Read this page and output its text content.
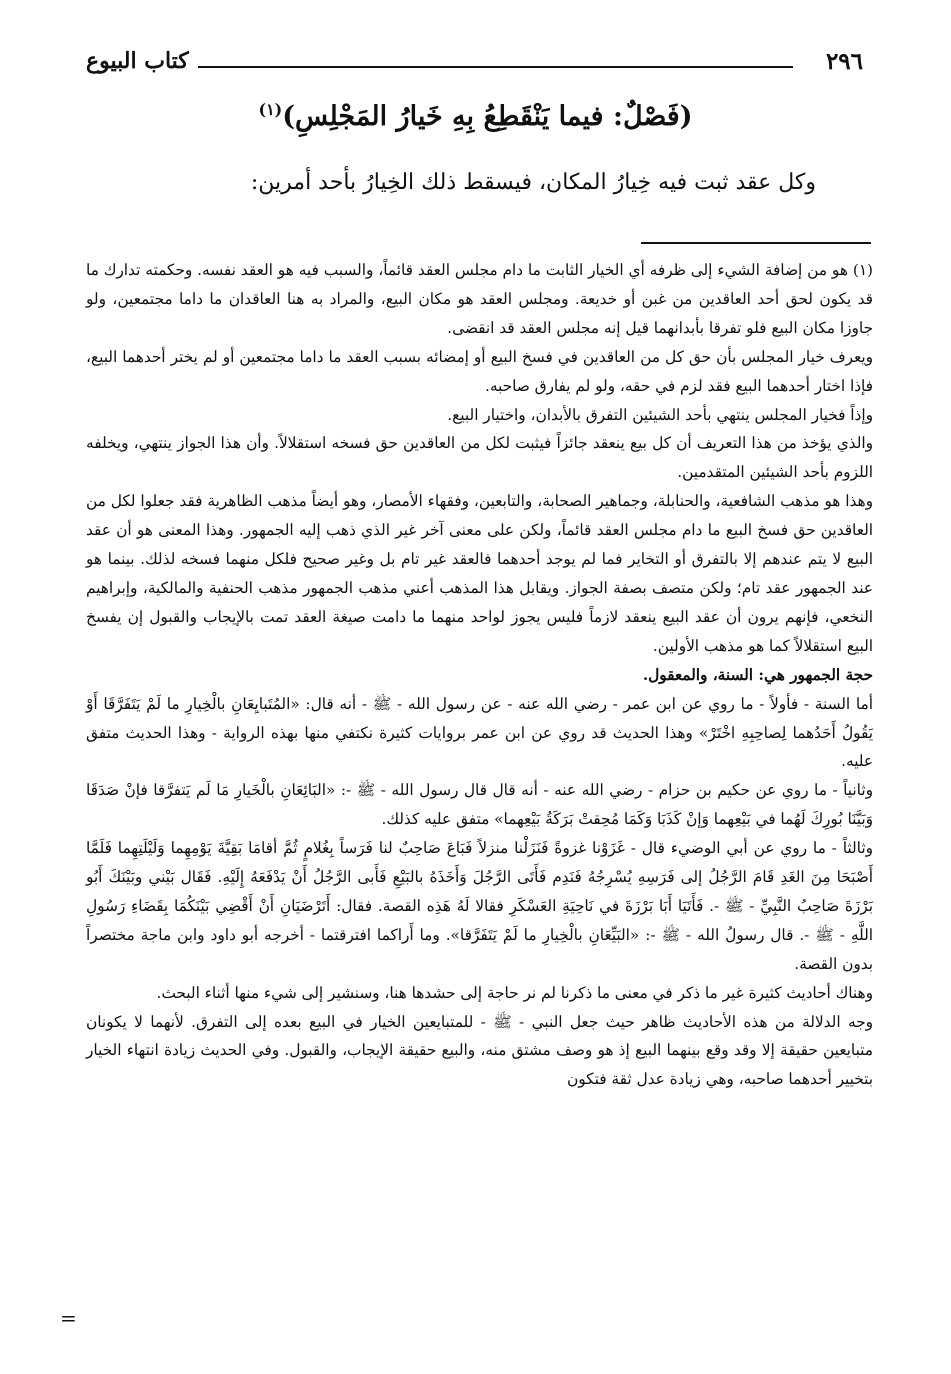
٢٩٦
كتاب البيوع
(فَصْلٌ: فيما يَنْقَطِعُ بِهِ خَيارُ المَجْلِسِ)$^{(١)}$
وكل عقد ثبت فيه خِيارُ المكان، فيسقط ذلك الخِيارُ بأحد أمرين:

(١) هو من إضافة الشيء إلى ظرفه أي الخيار الثابت ما دام مجلس العقد قائماً، والسبب فيه هو العقد نفسه. وحكمته تدارك ما قد يكون لحق أحد العاقدين من غبن أو خديعة. ومجلس العقد هو مكان البيع، والمراد به هنا العاقدان ما داما مجتمعين، ولو جاوزا مكان البيع فلو تفرقا بأبدانهما قيل إنه مجلس العقد قد انقضى.

ويعرف خيار المجلس بأن حق كل من العاقدين في فسخ البيع أو إمضائه بسبب العقد ما داما مجتمعين أو لم يختر أحدهما البيع، فإذا اختار أحدهما البيع فقد لزم في حقه، ولو لم يفارق صاحبه.

وإذاً فخيار المجلس ينتهي بأحد الشيئين التفرق بالأبدان، واختيار البيع.

والذي يؤخذ من هذا التعريف أن كل بيع ينعقد جائزاً فيثبت لكل من العاقدين حق فسخه استقلالاً. وأن هذا الجواز ينتهي، ويخلفه اللزوم بأحد الشيئين المتقدمين.

وهذا هو مذهب الشافعية، والحنابلة، وجماهير الصحابة، والتابعين، وفقهاء الأمصار، وهو أيضاً مذهب الظاهرية فقد جعلوا لكل من العاقدين حق فسخ البيع ما دام مجلس العقد قائماً، ولكن على معنى آخر غير الذي ذهب إليه الجمهور. وهذا المعنى هو أن عقد البيع لا يتم عندهم إلا بالتفرق أو التخاير فما لم يوجد أحدهما فالعقد غير تام بل وغير صحيح فلكل منهما فسخه لذلك. بينما هو عند الجمهور عقد تام؛ ولكن متصف بصفة الجواز. ويقابل هذا المذهب أعني مذهب الجمهور مذهب الحنفية والمالكية، وإبراهيم النخعي، فإنهم يرون أن عقد البيع ينعقد لازماً فليس يجوز لواحد منهما ما دامت صيغة العقد تمت بالإيجاب والقبول إن يفسخ البيع استقلالاً كما هو مذهب الأولين.

حجة الجمهور هي: السنة، والمعقول.

أما السنة - فأولاً - ما روي عن ابن عمر - رضي الله عنه - عن رسول الله - ﷺ - أنه قال: «المُتَبايِعَانِ بالْخِيارِ ما لَمْ يَتَفَرَّقَا أَوْ يَقُولُ أَحَدُهما لِصاحِبِهِ اخْتَرْ» وهذا الحديث قد روي عن ابن عمر بروايات كثيرة نكتفي منها بهذه الرواية - وهذا الحديث متفق عليه.

وثانياً - ما روي عن حكيم بن حزام - رضي الله عنه - أنه قال قال رسول الله - ﷺ -: «البَائِعَانِ بالْخَيارِ مَا لَم يَتفرَّقا فإنْ صَدَقَا وَبَيَّنَا بُورِكَ لَهُما في بَيْعِهما وَإنْ كَذَبَا وَكَمَا مُحِقتْ بَرَكَةُ بَيْعِهما» متفق عليه كذلك.

وثالثاً - ما روي عن أبي الوضيء قال - غَزَوْنا غزوةً فَنَزَلْنا منزلاً فَبَاعَ صَاحِبٌ لنا فَرَساً بِغُلامٍ ثُمَّ أقامَا بَقِيَّةَ يَوْمِهِما وَلَيْلَتِهِما فَلَمَّا أَصْبَحَا مِنَ الغَدِ قَامَ الرَّجُلُ إلى فَرَسِهِ يُسْرِجُهُ فَنَدِم فَأَتَى الرَّجُلَ وَأَخَذَهُ بالبَيْعِ فَأَبى الرَّجُلُ أَنْ يَدْفَعَهُ إِلَيْهِ. فَقَال بَيْني وبَيْنَكَ أَبُو بَرْزَةَ صَاحِبُ النَّبِيِّ - ﷺ -. فَأَتَيَا أَبَا بَرْزَةَ في نَاحِيَةِ العَسْكَرِ فقالا لَهُ هَذِه القصة. فقال: أَتَرْضَيَانِ أَنْ أَقْضِي بَيْنَكُمَا بِقَضَاءِ رَسُولِ اللَّهِ - ﷺ -. قال رسولُ الله - ﷺ -: «البَيِّعَانِ بالْخِيارِ ما لَمْ يَتَفَرَّقا». وما أَراكما افترقتما - أخرجه أبو داود وابن ماجة مختصراً بدون القصة.

وهناك أحاديث كثيرة غير ما ذكر في معنى ما ذكرنا لم نر حاجة إلى حشدها هنا، وسنشير إلى شيء منها أثناء البحث.

وجه الدلالة من هذه الأحاديث ظاهر حيث جعل النبي - ﷺ - للمتبايعين الخيار في البيع بعده إلى التفرق. لأنهما لا يكونان متبايعين حقيقة إلا وقد وقع بينهما البيع إذ هو وصف مشتق منه، والبيع حقيقة الإيجاب، والقبول. وفي الحديث زيادة انتهاء الخيار بتخيير أحدهما صاحبه، وهي زيادة عدل ثقة فتكون

=
